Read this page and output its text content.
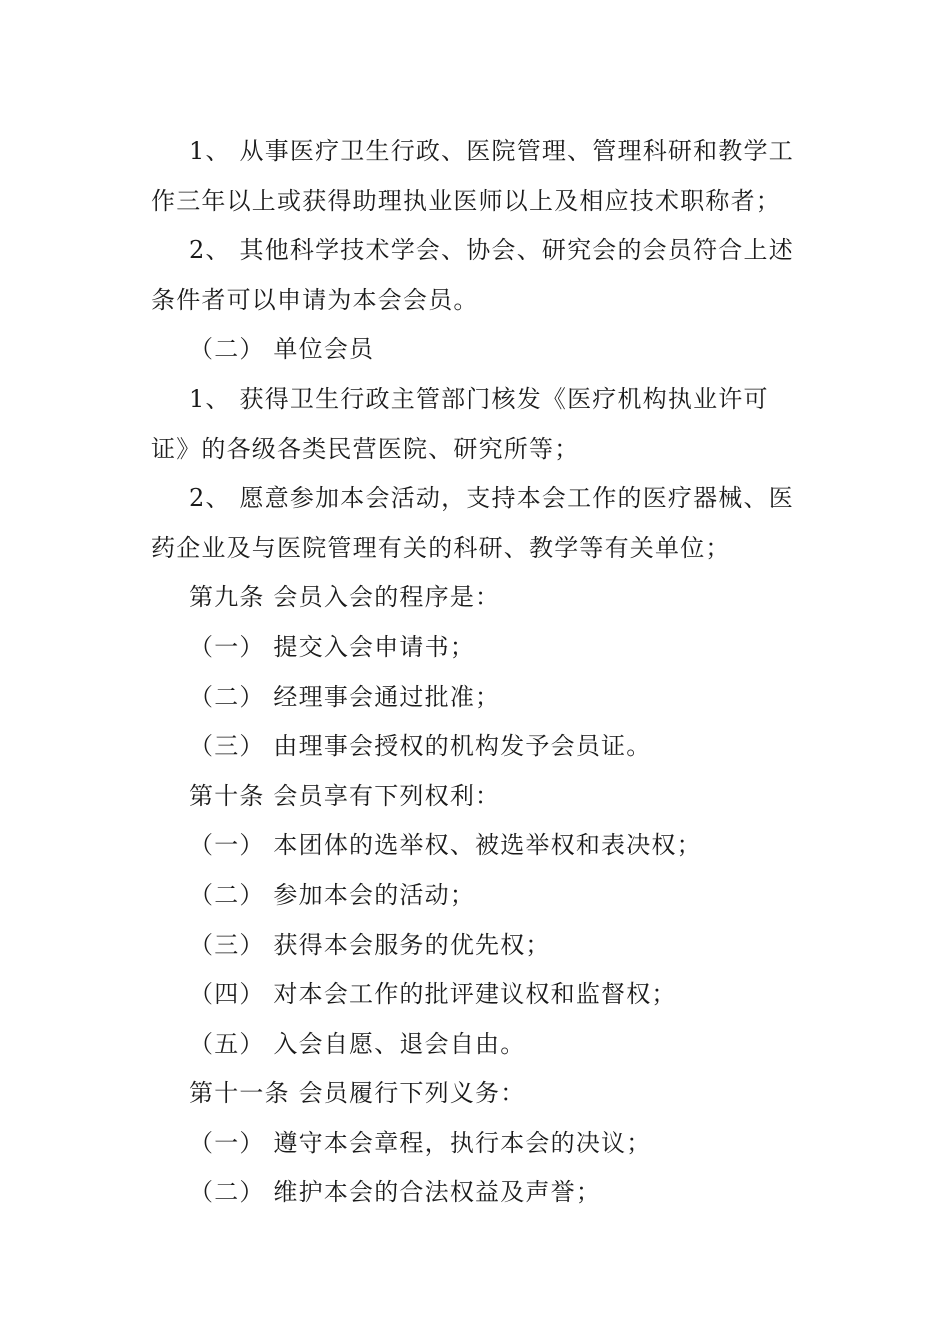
1、 从事医疗卫生行政、医院管理、管理科研和教学工
作三年以上或获得助理执业医师以上及相应技术职称者；
2、 其他科学技术学会、协会、研究会的会员符合上述
条件者可以申请为本会会员。
（二） 单位会员
1、 获得卫生行政主管部门核发《医疗机构执业许可
证》的各级各类民营医院、研究所等；
2、 愿意参加本会活动，支持本会工作的医疗器械、医
药企业及与医院管理有关的科研、教学等有关单位；
第九条 会员入会的程序是：
（一） 提交入会申请书；
（二） 经理事会通过批准；
（三） 由理事会授权的机构发予会员证。
第十条 会员享有下列权利：
（一） 本团体的选举权、被选举权和表决权；
（二） 参加本会的活动；
（三） 获得本会服务的优先权；
（四） 对本会工作的批评建议权和监督权；
（五） 入会自愿、退会自由。
第十一条 会员履行下列义务：
（一） 遵守本会章程，执行本会的决议；
（二） 维护本会的合法权益及声誉；
